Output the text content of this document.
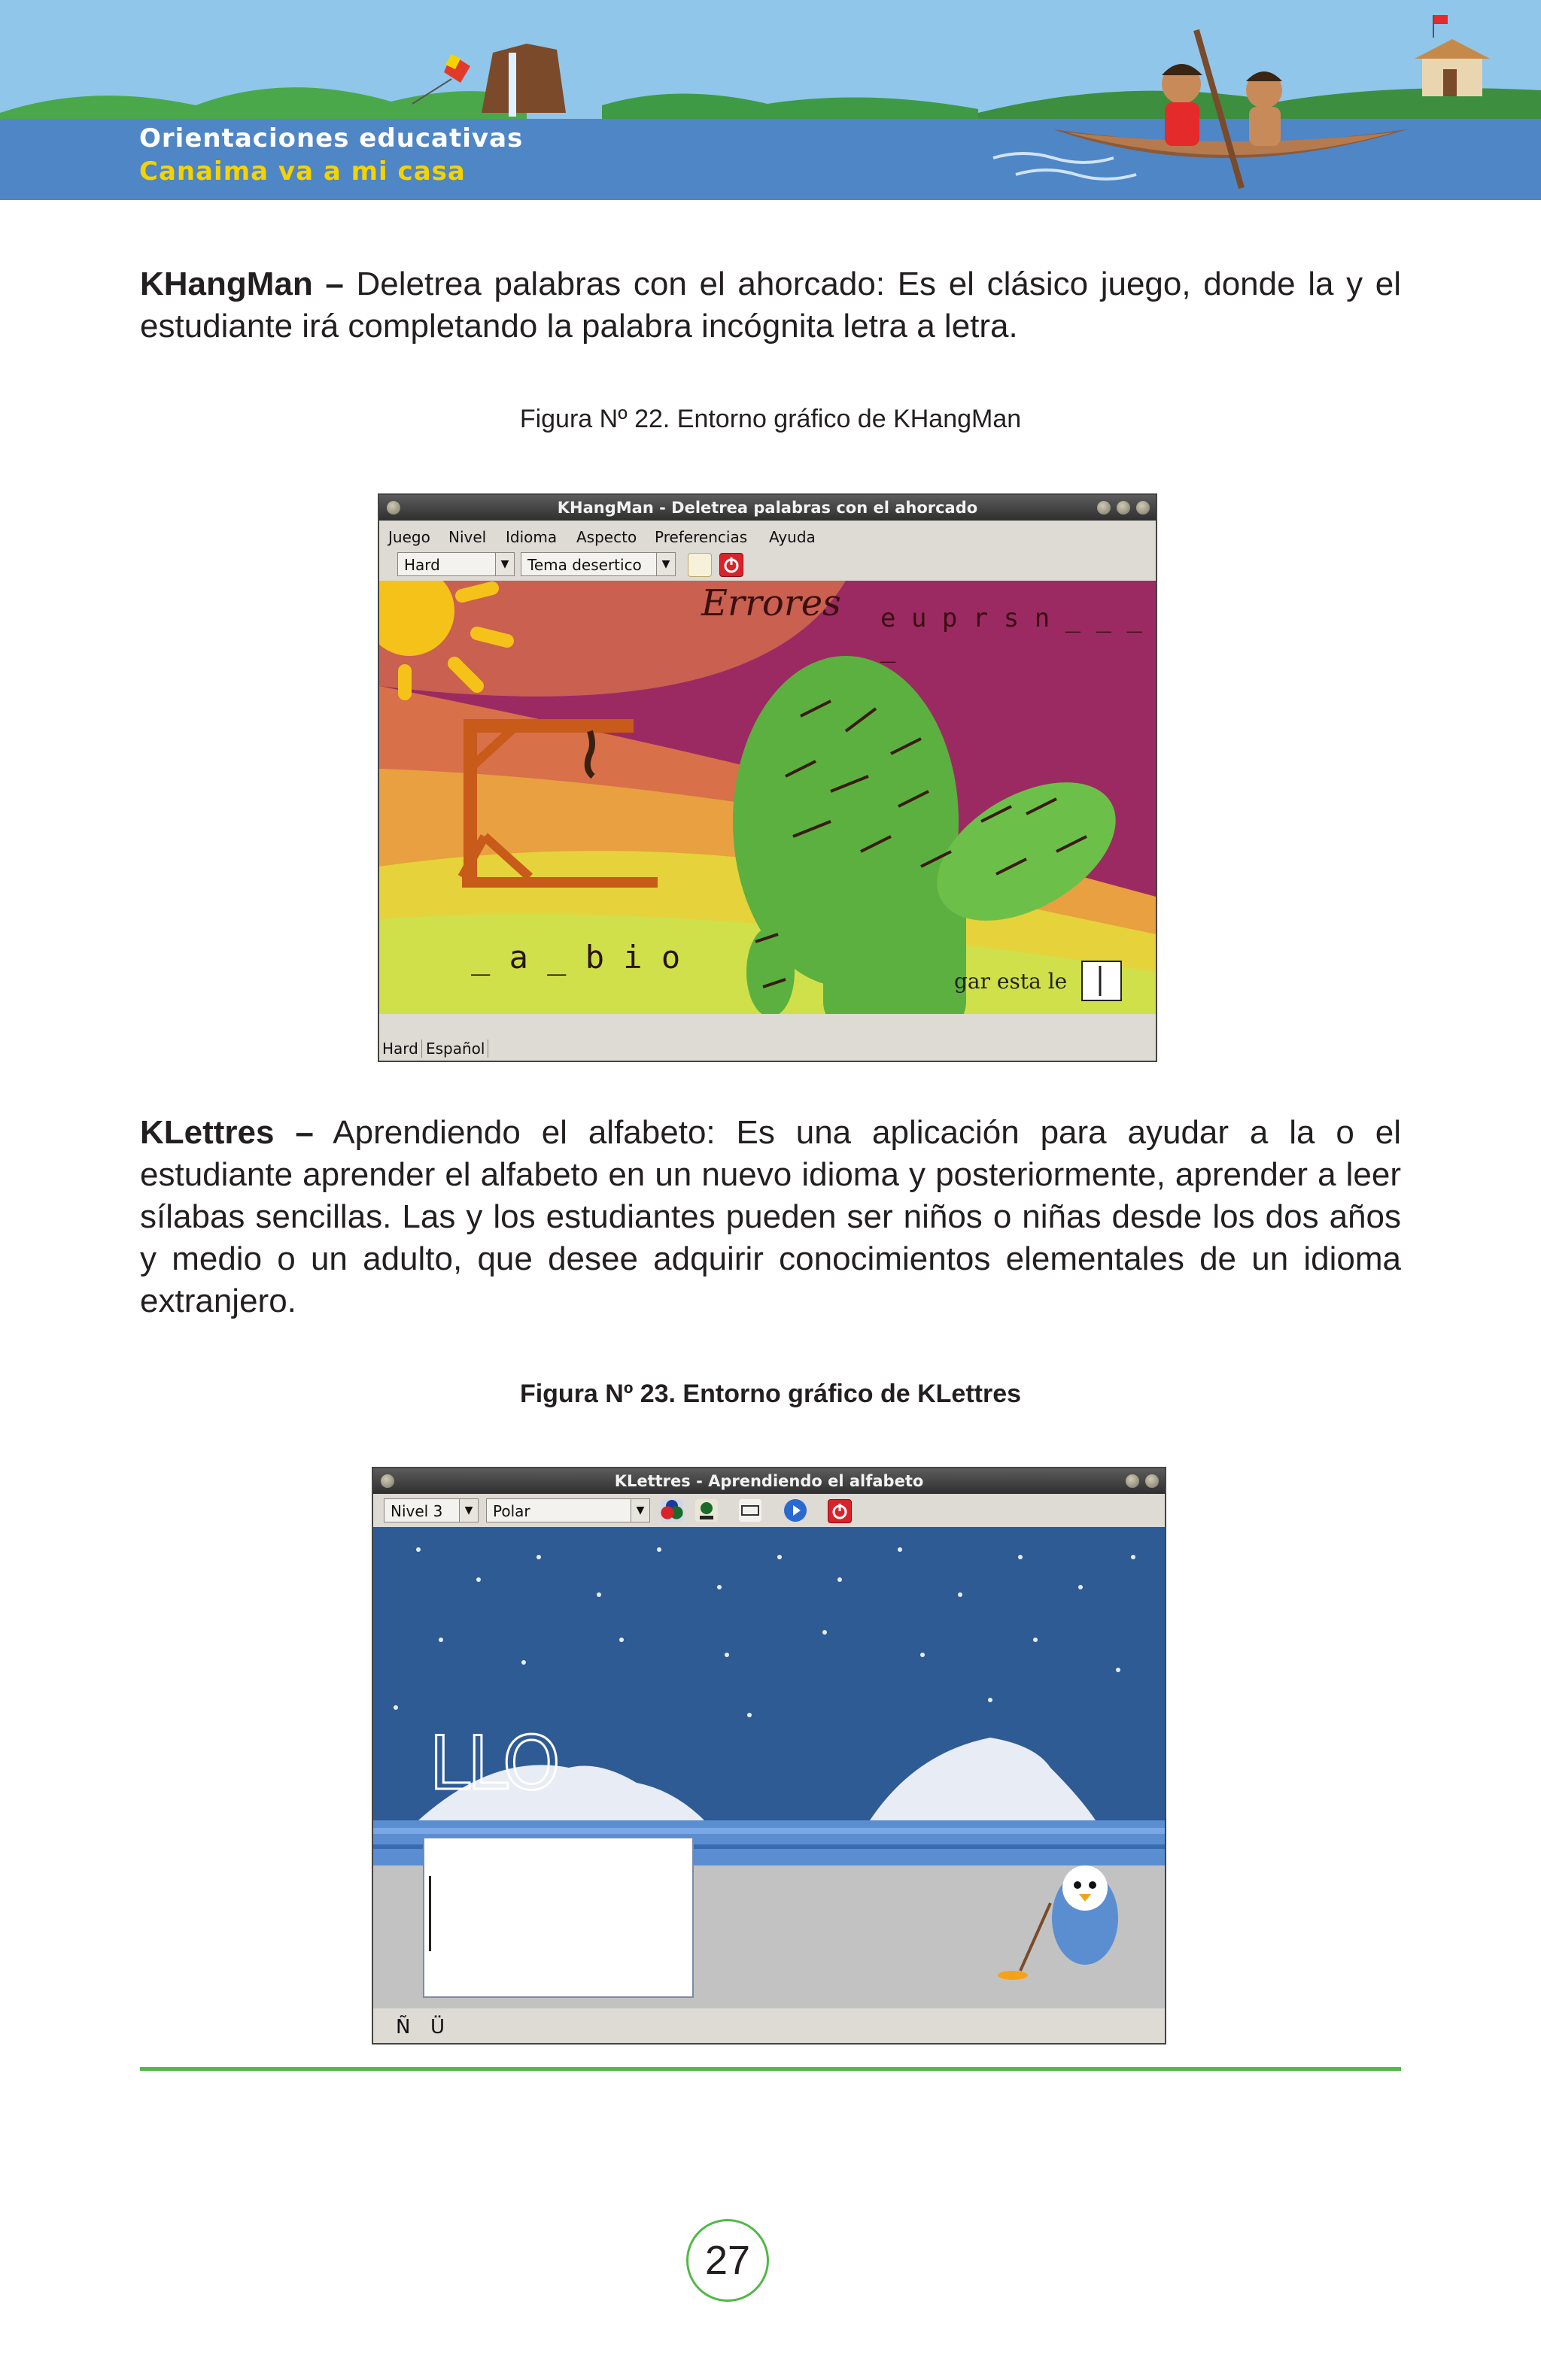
Orientaciones educativas
Canaima va a mi casa
KHangMan – Deletrea palabras con el ahorcado: Es el clásico juego, donde la y el estudiante irá completando la palabra incógnita letra a letra.
Figura Nº 22. Entorno gráfico de KHangMan
KHangMan - Deletrea palabras con el ahorcado
Juego Nivel Idioma Aspecto Preferencias Ayuda
Hard	▼	Tema desertico	▼
Errores e u p r s n _ _ _ _
_ a _ b i o
gar esta le
Hard Español
KLettres – Aprendiendo el alfabeto: Es una aplicación para ayudar a la o el estudiante aprender el alfabeto en un nuevo idioma y posteriormente, aprender a leer sílabas sencillas. Las y los estudiantes pueden ser niños o niñas desde los dos años y medio o un adulto, que desee adquirir conocimientos elementales de un idioma extranjero.
Figura Nº 23. Entorno gráfico de KLettres
KLettres - Aprendiendo el alfabeto
Nivel 3	▼	Polar	▼
LLO
Ñ Ü
27
